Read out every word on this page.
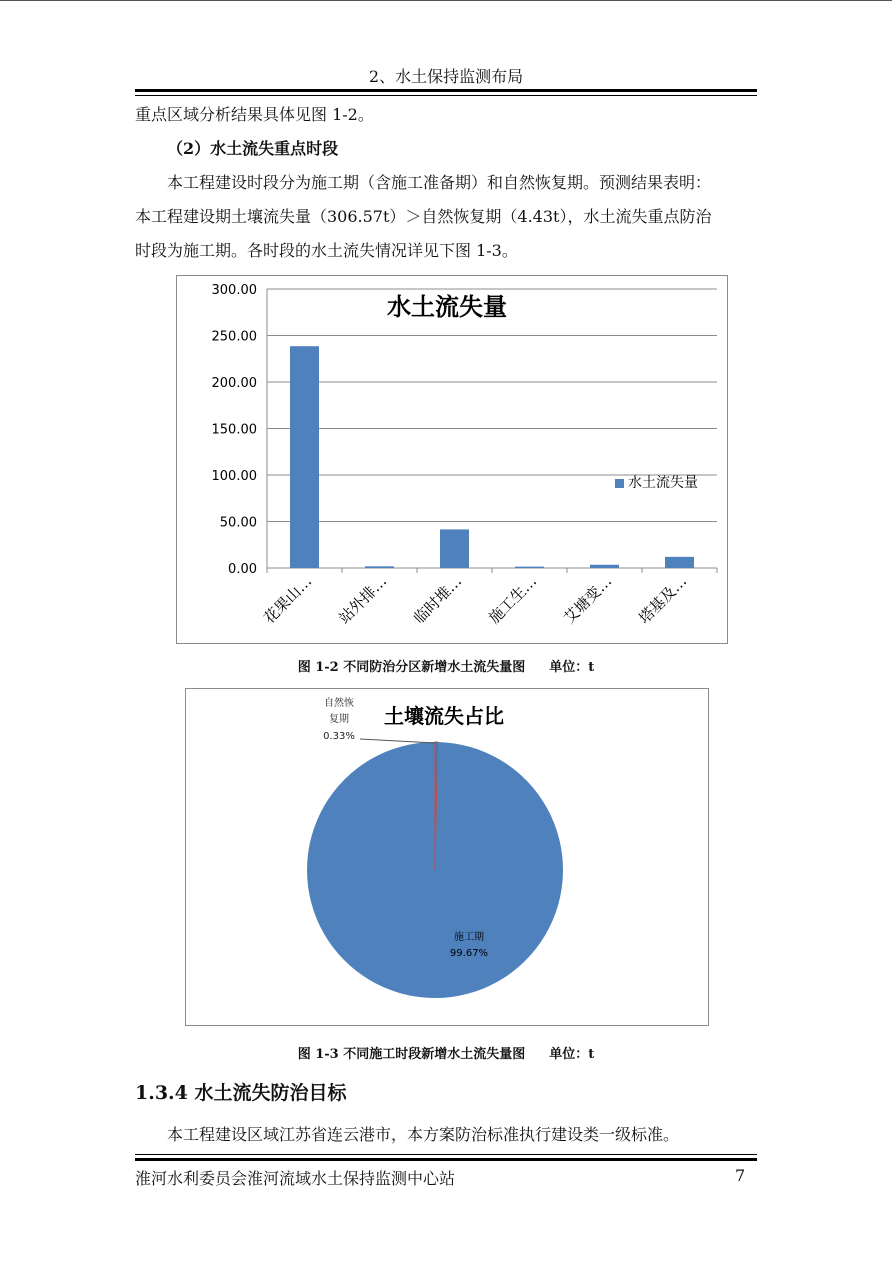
2、水土保持监测布局
重点区域分析结果具体见图 1-2。
（2）水土流失重点时段
本工程建设时段分为施工期（含施工准备期）和自然恢复期。预测结果表明：
本工程建设期土壤流失量（306.57t）＞自然恢复期（4.43t），水土流失重点防治
时段为施工期。各时段的水土流失情况详见下图 1-3。
0.00
50.00
100.00
150.00
200.00
250.00
300.00
花果山… 站外排… 临时堆… 施工生… 艾塘变… 塔基及…
水土流失量
水土流失量
图 1-2 不同防治分区新增水土流失量图 单位：t
土壤流失占比
施工期
99.67%
自然恢
复期
0.33%
图 1-3 不同施工时段新增水土流失量图 单位：t
1.3.4 水土流失防治目标
本工程建设区域江苏省连云港市，本方案防治标准执行建设类一级标准。
淮河水利委员会淮河流域水土保持监测中心站	7
